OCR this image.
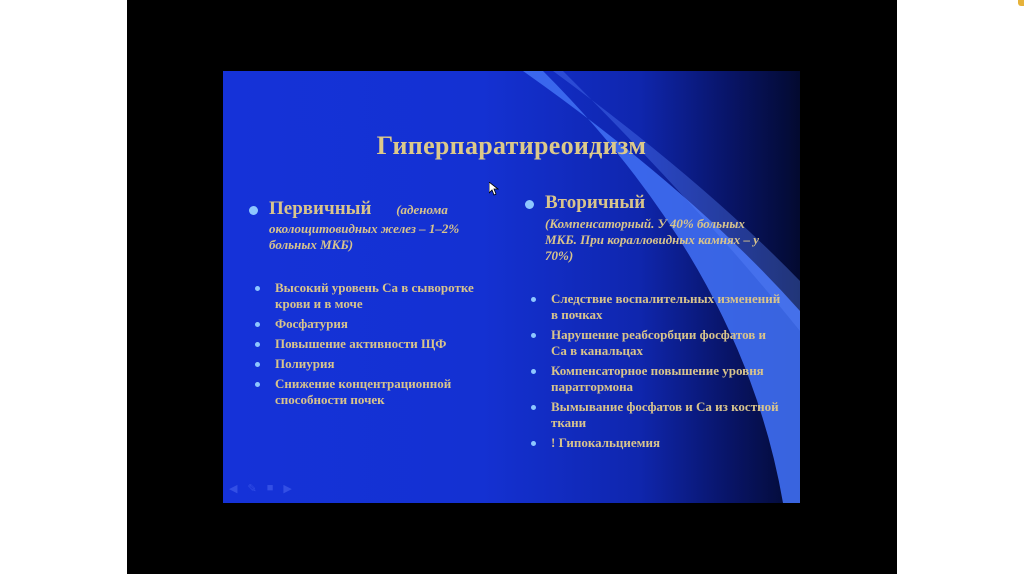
Гиперпаратиреоидизм
Первичный (аденома
околощитовидных желез – 1–2% больных МКБ)
Высокий уровень Са в сыворотке крови и в моче
Фосфатурия
Повышение активности ЩФ
Полиурия
Снижение концентрационной способности почек
Вторичный
(Компенсаторный. У 40% больных МКБ. При коралловидных камнях – у 70%)
Следствие воспалительных изменений в почках
Нарушение реабсорбции фосфатов и Са в канальцах
Компенсаторное повышение уровня паратгормона
Вымывание фосфатов и Са из костной ткани
! Гипокальциемия
◀ ✎ ■ ▶
